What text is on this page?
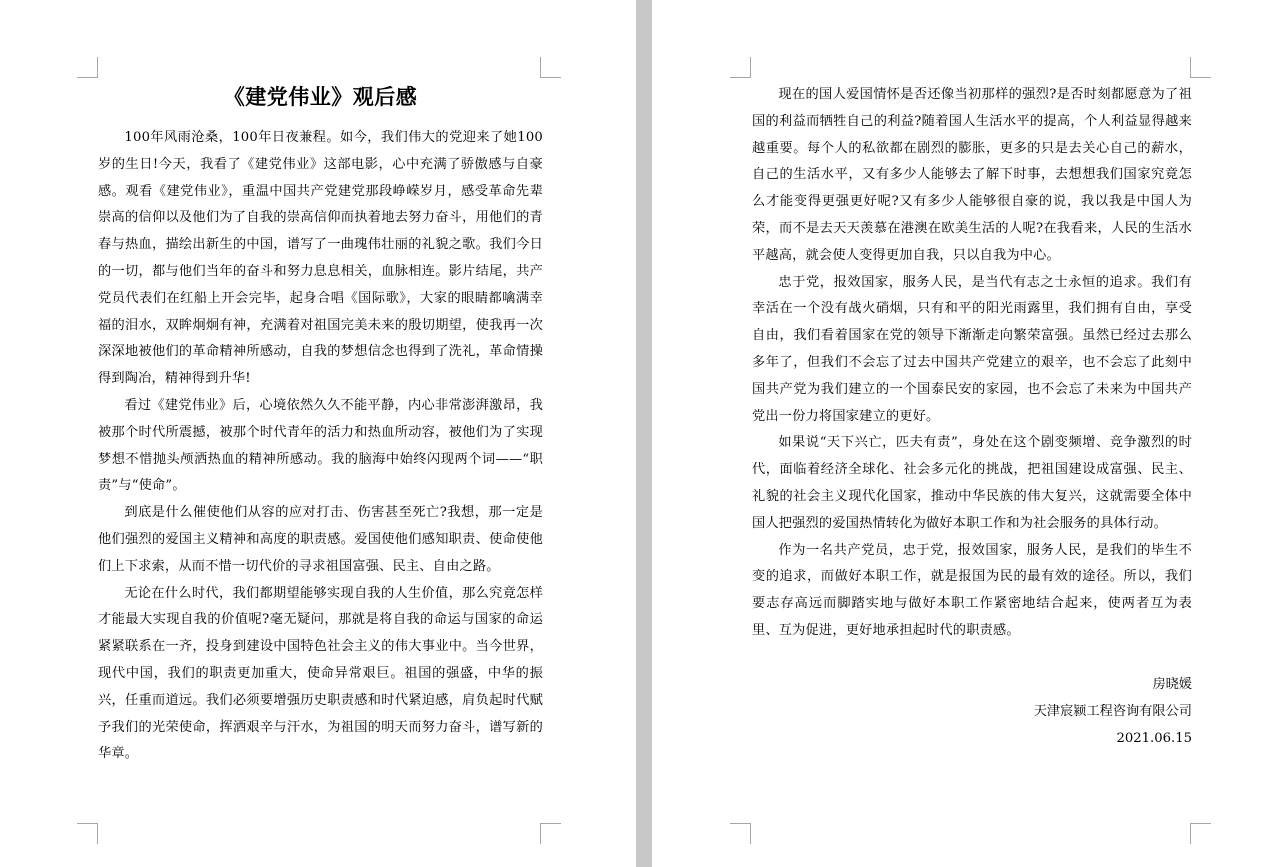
《建党伟业》观后感

100年风雨沧桑，100年日夜兼程。如今，我们伟大的党迎来了她100岁的生日!今天，我看了《建党伟业》这部电影，心中充满了骄傲感与自豪感。观看《建党伟业》，重温中国共产党建党那段峥嵘岁月，感受革命先辈崇高的信仰以及他们为了自我的崇高信仰而执着地去努力奋斗，用他们的青春与热血，描绘出新生的中国，谱写了一曲瑰伟壮丽的礼貌之歌。我们今日的一切，都与他们当年的奋斗和努力息息相关，血脉相连。影片结尾，共产党员代表们在红船上开会完毕，起身合唱《国际歌》，大家的眼睛都噙满幸福的泪水，双眸炯炯有神，充满着对祖国完美未来的殷切期望，使我再一次深深地被他们的革命精神所感动，自我的梦想信念也得到了洗礼，革命情操得到陶冶，精神得到升华!

看过《建党伟业》后，心境依然久久不能平静，内心非常澎湃激昂，我被那个时代所震撼，被那个时代青年的活力和热血所动容，被他们为了实现梦想不惜抛头颅洒热血的精神所感动。我的脑海中始终闪现两个词——“职责”与“使命”。

到底是什么催使他们从容的应对打击、伤害甚至死亡?我想，那一定是他们强烈的爱国主义精神和高度的职责感。爱国使他们感知职责、使命使他们上下求索，从而不惜一切代价的寻求祖国富强、民主、自由之路。

无论在什么时代，我们都期望能够实现自我的人生价值，那么究竟怎样才能最大实现自我的价值呢?毫无疑问，那就是将自我的命运与国家的命运紧紧联系在一齐，投身到建设中国特色社会主义的伟大事业中。当今世界，现代中国，我们的职责更加重大，使命异常艰巨。祖国的强盛，中华的振兴，任重而道远。我们必须要增强历史职责感和时代紧迫感，肩负起时代赋予我们的光荣使命，挥洒艰辛与汗水，为祖国的明天而努力奋斗，谱写新的华章。

现在的国人爱国情怀是否还像当初那样的强烈?是否时刻都愿意为了祖国的利益而牺牲自己的利益?随着国人生活水平的提高，个人利益显得越来越重要。每个人的私欲都在剧烈的膨胀，更多的只是去关心自己的薪水，自己的生活水平，又有多少人能够去了解下时事，去想想我们国家究竟怎么才能变得更强更好呢?又有多少人能够很自豪的说，我以我是中国人为荣，而不是去天天羡慕在港澳在欧美生活的人呢?在我看来，人民的生活水平越高，就会使人变得更加自我，只以自我为中心。

忠于党，报效国家，服务人民，是当代有志之士永恒的追求。我们有幸活在一个没有战火硝烟，只有和平的阳光雨露里，我们拥有自由，享受自由，我们看着国家在党的领导下渐渐走向繁荣富强。虽然已经过去那么多年了，但我们不会忘了过去中国共产党建立的艰辛，也不会忘了此刻中国共产党为我们建立的一个国泰民安的家园，也不会忘了未来为中国共产党出一份力将国家建立的更好。

如果说“天下兴亡，匹夫有责”，身处在这个剧变频增、竞争激烈的时代，面临着经济全球化、社会多元化的挑战，把祖国建设成富强、民主、礼貌的社会主义现代化国家，推动中华民族的伟大复兴，这就需要全体中国人把强烈的爱国热情转化为做好本职工作和为社会服务的具体行动。

作为一名共产党员，忠于党，报效国家，服务人民，是我们的毕生不变的追求，而做好本职工作，就是报国为民的最有效的途径。所以，我们要志存高远而脚踏实地与做好本职工作紧密地结合起来，使两者互为表里、互为促进，更好地承担起时代的职责感。

房晓媛
天津宸颍工程咨询有限公司
2021.06.15
